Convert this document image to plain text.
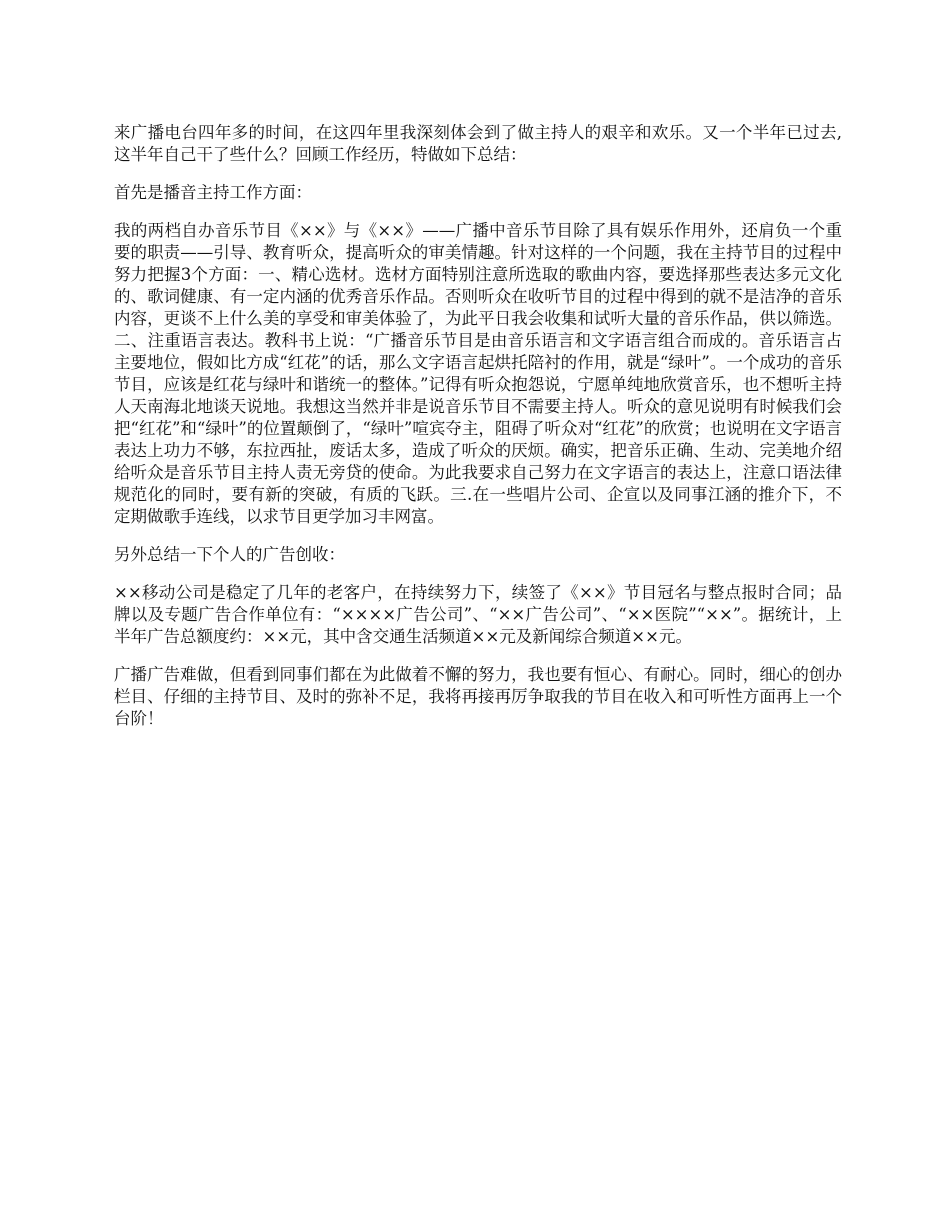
来广播电台四年多的时间，在这四年里我深刻体会到了做主持人的艰辛和欢乐。又一个半年已过去,这半年自己干了些什么？回顾工作经历，特做如下总结：

首先是播音主持工作方面：

我的两档自办音乐节目《××》与《××》——广播中音乐节目除了具有娱乐作用外，还肩负一个重要的职责——引导、教育听众，提高听众的审美情趣。针对这样的一个问题，我在主持节目的过程中努力把握3个方面：一、精心选材。选材方面特别注意所选取的歌曲内容，要选择那些表达多元文化的、歌词健康、有一定内涵的优秀音乐作品。否则听众在收听节目的过程中得到的就不是洁净的音乐内容，更谈不上什么美的享受和审美体验了，为此平日我会收集和试听大量的音乐作品，供以筛选。二、注重语言表达。教科书上说：“广播音乐节目是由音乐语言和文字语言组合而成的。音乐语言占主要地位，假如比方成“红花”的话，那么文字语言起烘托陪衬的作用，就是“绿叶”。一个成功的音乐节目，应该是红花与绿叶和谐统一的整体。”记得有听众抱怨说，宁愿单纯地欣赏音乐，也不想听主持人天南海北地谈天说地。我想这当然并非是说音乐节目不需要主持人。听众的意见说明有时候我们会把“红花”和“绿叶”的位置颠倒了，“绿叶”喧宾夺主，阻碍了听众对“红花”的欣赏；也说明在文字语言表达上功力不够，东拉西扯，废话太多，造成了听众的厌烦。确实，把音乐正确、生动、完美地介绍给听众是音乐节目主持人责无旁贷的使命。为此我要求自己努力在文字语言的表达上，注意口语法律规范化的同时，要有新的突破，有质的飞跃。三.在一些唱片公司、企宣以及同事江涵的推介下，不定期做歌手连线，以求节目更学加习丰网富。

另外总结一下个人的广告创收：

××移动公司是稳定了几年的老客户，在持续努力下，续签了《××》节目冠名与整点报时合同；品牌以及专题广告合作单位有：“××××广告公司”、“××广告公司”、“××医院”“××”。据统计，上半年广告总额度约：××元，其中含交通生活频道××元及新闻综合频道××元。

广播广告难做，但看到同事们都在为此做着不懈的努力，我也要有恒心、有耐心。同时，细心的创办栏目、仔细的主持节目、及时的弥补不足，我将再接再厉争取我的节目在收入和可听性方面再上一个台阶！
